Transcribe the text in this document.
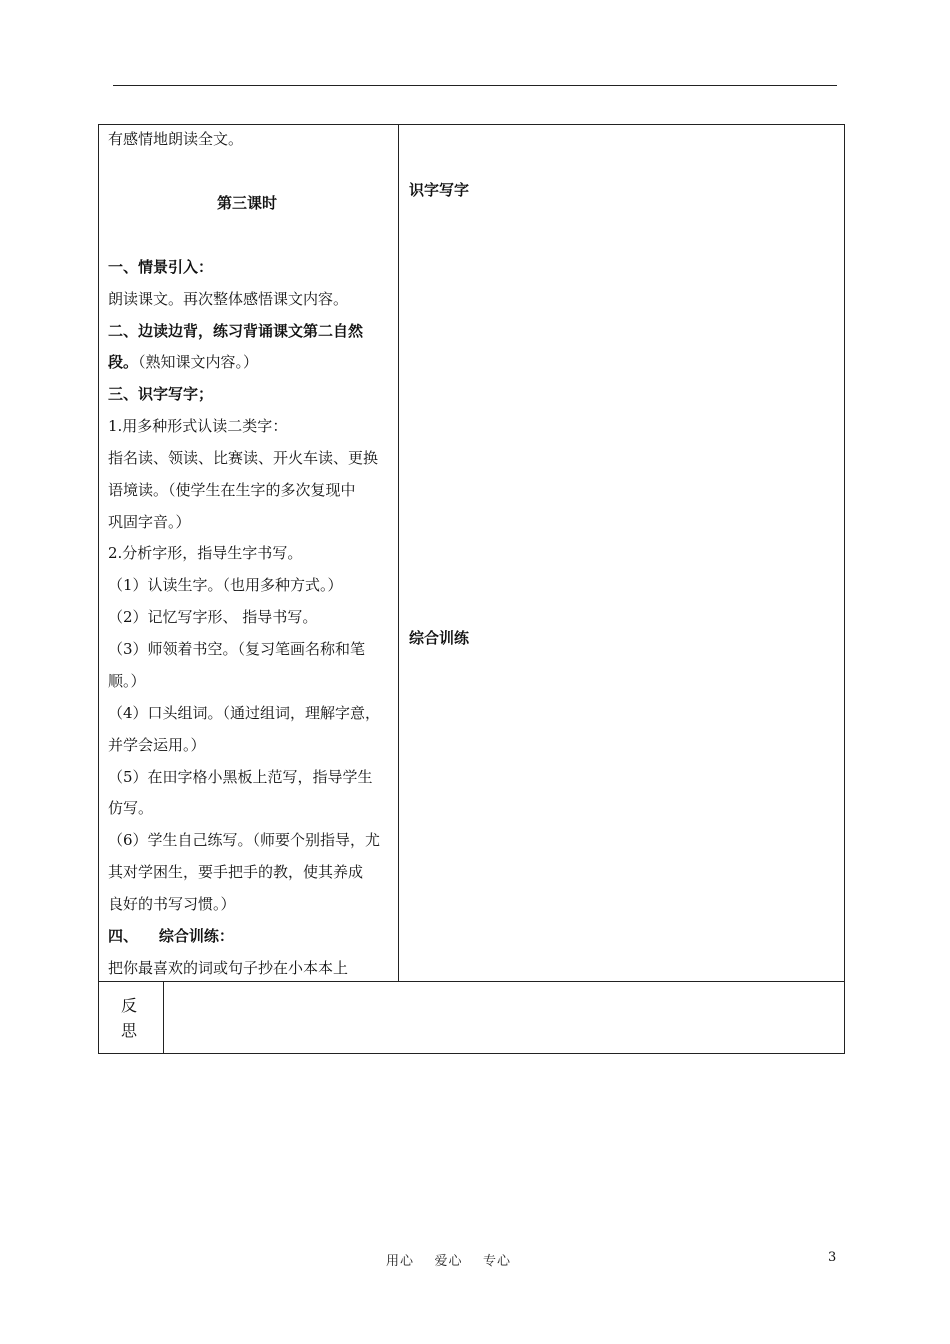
有感情地朗读全文。
第三课时
一、情景引入：
朗读课文。再次整体感悟课文内容。
二、边读边背，练习背诵课文第二自然
段。（熟知课文内容。）
三、识字写字；
1.用多种形式认读二类字：
指名读、领读、比赛读、开火车读、更换
语境读。（使学生在生字的多次复现中
巩固字音。）
2.分析字形，指导生字书写。
（1）认读生字。（也用多种方式。）
（2）记忆写字形、 指导书写。
（3）师领着书空。（复习笔画名称和笔
顺。）
（4）口头组词。（通过组词，理解字意，
并学会运用。）
（5）在田字格小黑板上范写，指导学生
仿写。
（6）学生自己练写。（师要个别指导，尤
其对学困生，要手把手的教，使其养成
良好的书写习惯。）
四、    综合训练：
把你最喜欢的词或句子抄在小本本上
识字写字
综合训练
反
思
用心    爱心    专心	3
